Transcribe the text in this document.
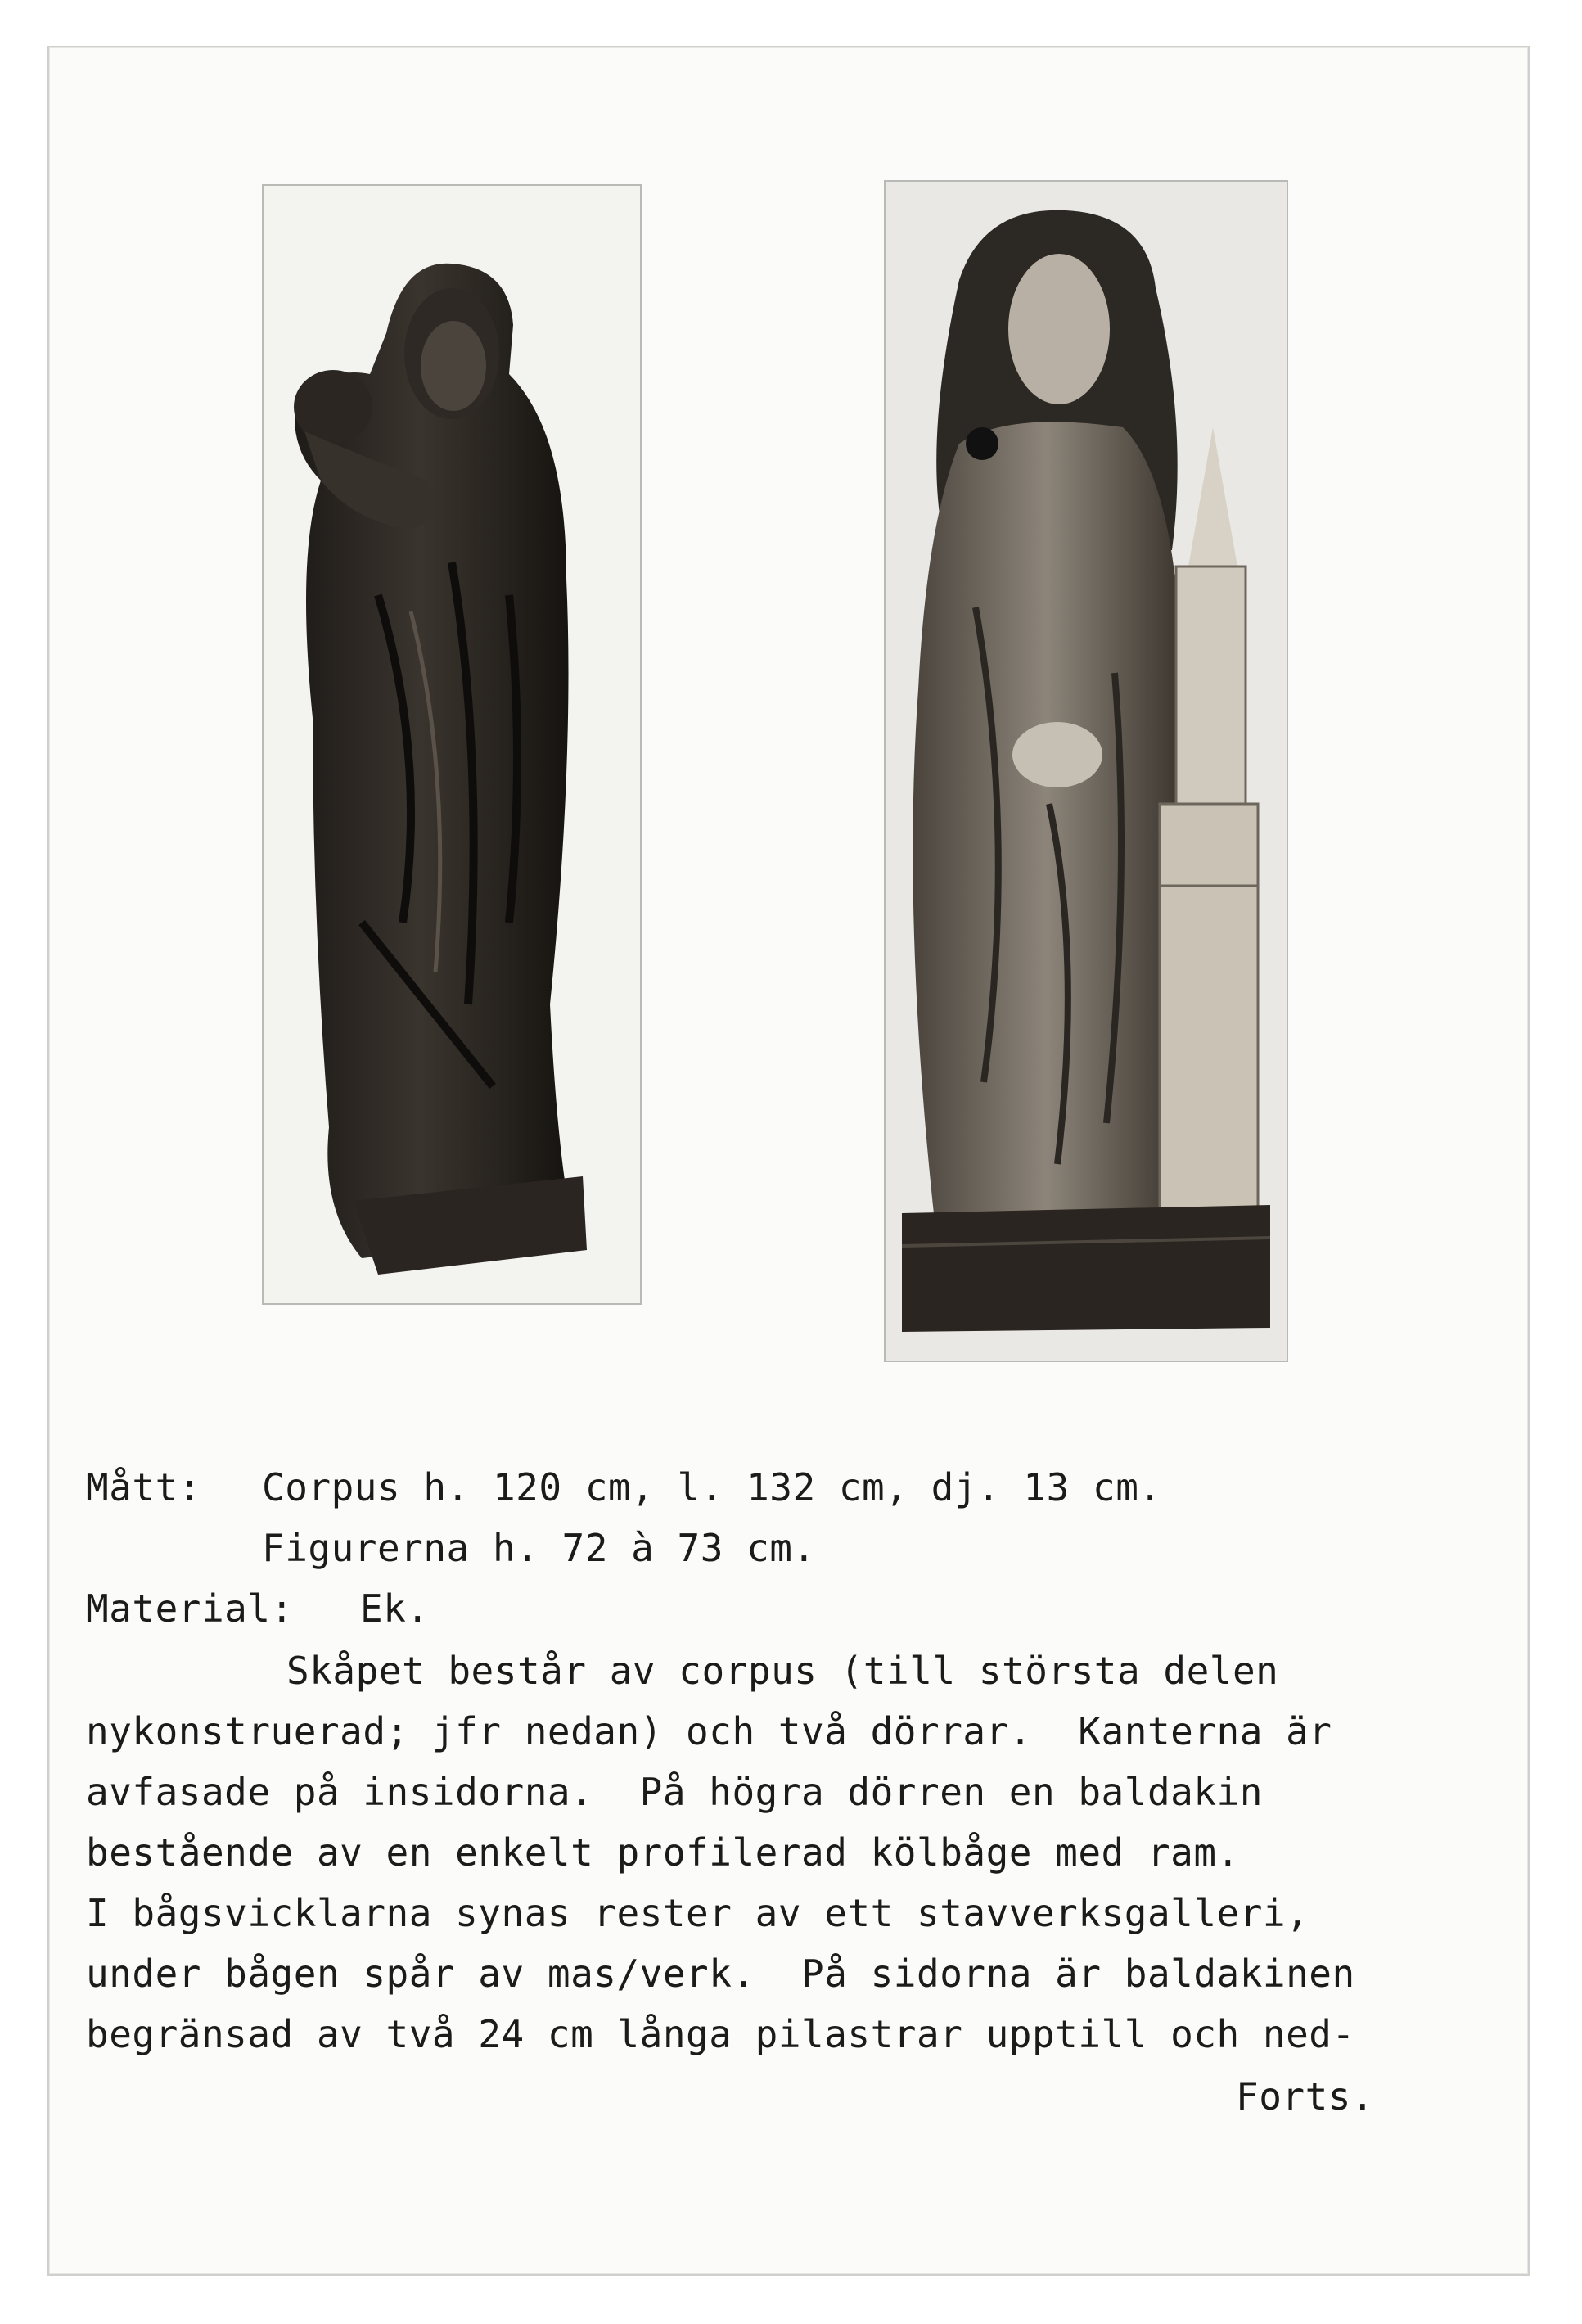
Mått: Corpus h. 120 cm, l. 132 cm, dj. 13 cm.
Figurerna h. 72 à 73 cm.
Material: Ek.
Skåpet består av corpus (till största delen
nykonstruerad; jfr nedan) och två dörrar.  Kanterna är
avfasade på insidorna.  På högra dörren en baldakin
bestående av en enkelt profilerad kölbåge med ram.
I bågsvicklarna synas rester av ett stavverksgalleri,
under bågen spår av mas/verk.  På sidorna är baldakinen
begränsad av två 24 cm långa pilastrar upptill och ned-
Forts.
